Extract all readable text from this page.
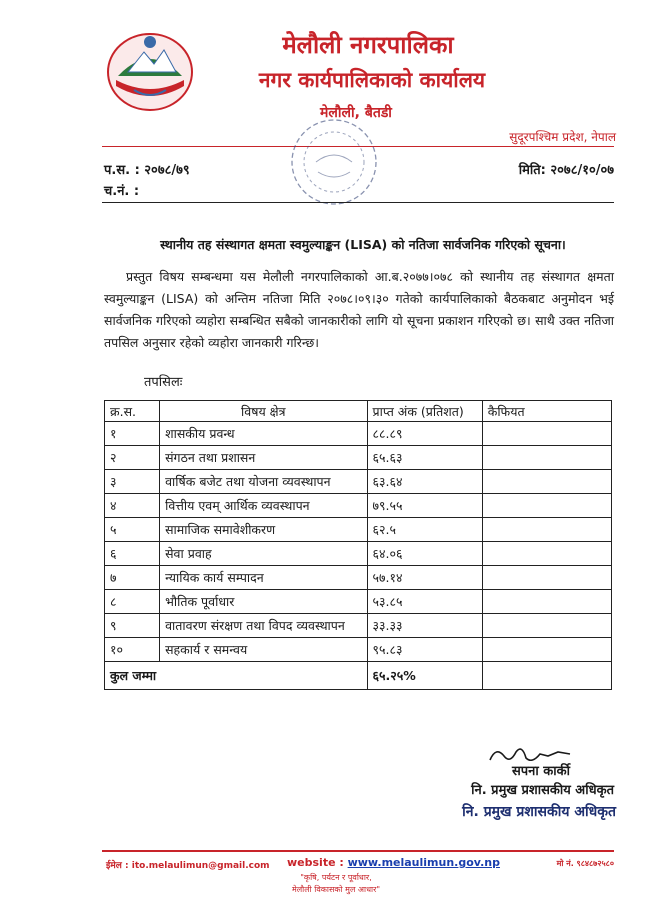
मेलौली नगरपालिका
नगर कार्यपालिकाको कार्यालय
मेलौली, बैतडी
सुदूरपश्चिम प्रदेश, नेपाल
प.स. : २०७८/७९
च.नं. :
मिति: २०७८/१०/०७
स्थानीय तह संस्थागत क्षमता स्वमुल्याङ्कन (LISA) को नतिजा सार्वजनिक गरिएको सूचना।
प्रस्तुत विषय सम्बन्धमा यस मेलौली नगरपालिकाको आ.ब.२०७७।०७८ को स्थानीय तह संस्थागत क्षमता स्वमुल्याङ्कन (LISA) को अन्तिम नतिजा मिति २०७८।०९।३० गतेको कार्यपालिकाको बैठकबाट अनुमोदन भई सार्वजनिक गरिएको व्यहोरा सम्बन्धित सबैको जानकारीको लागि यो सूचना प्रकाशन गरिएको छ। साथै उक्त नतिजा तपसिल अनुसार रहेको व्यहोरा जानकारी गरिन्छ।
तपसिलः
क्र.स.	विषय क्षेत्र	प्राप्त अंक (प्रतिशत)	कैफियत
१	शासकीय प्रवन्ध	८८.८९	
२	संगठन तथा प्रशासन	६५.६३	
३	वार्षिक बजेट तथा योजना व्यवस्थापन	६३.६४	
४	वित्तीय एवम् आर्थिक व्यवस्थापन	७९.५५	
५	सामाजिक समावेशीकरण	६२.५	
६	सेवा प्रवाह	६४.०६	
७	न्यायिक कार्य सम्पादन	५७.१४	
८	भौतिक पूर्वाधार	५३.८५	
९	वातावरण संरक्षण तथा विपद व्यवस्थापन	३३.३३	
१०	सहकार्य र समन्वय	९५.८३	
कुल जम्मा		६५.२५%	
सपना कार्की
नि. प्रमुख प्रशासकीय अधिकृत
नि. प्रमुख प्रशासकीय अधिकृत
ईमेल : ito.melaulimun@gmail.com website : www.melaulimun.gov.np	मो नं. ९८४८७२५८०
"कृषि, पर्यटन र पूर्वाधार,
मेलौली विकासको मुल आधार"
